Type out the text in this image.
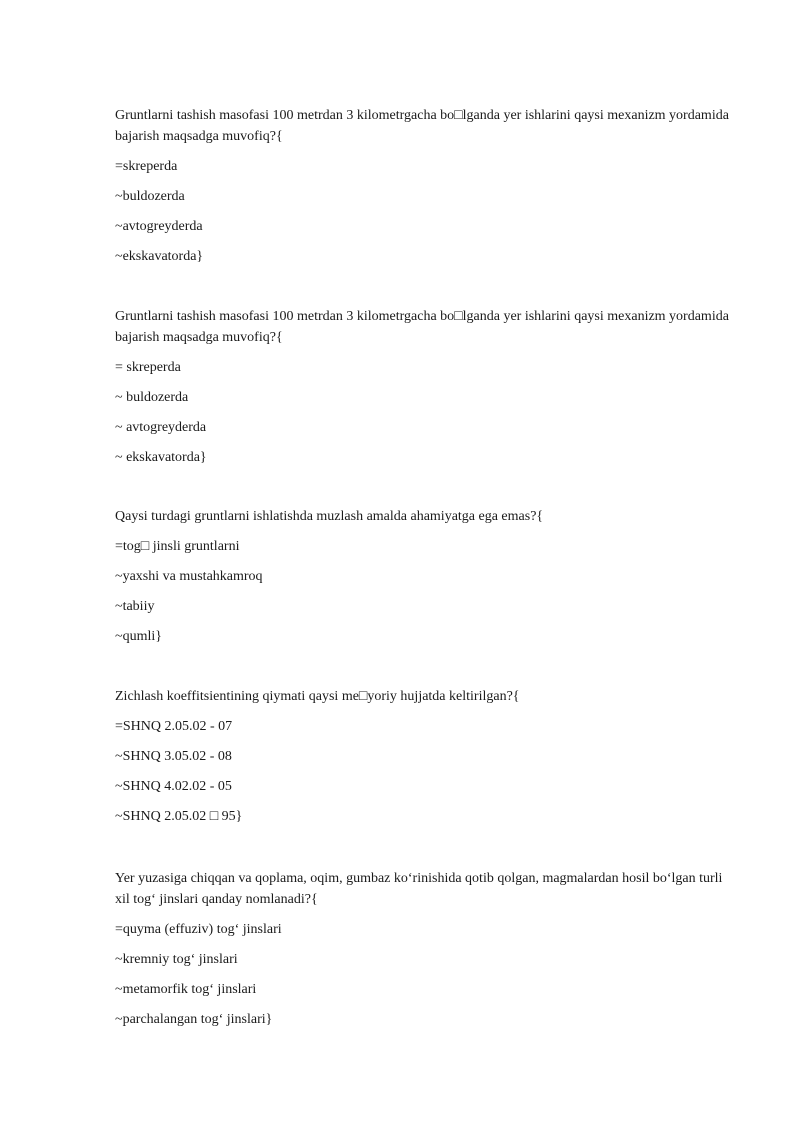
Gruntlarni tashish masofasi 100 metrdan 3 kilometrgacha bo□lganda yer ishlarini qaysi mexanizm yordamida bajarish maqsadga muvofiq?{

=skreperda
~buldozerda
~avtogreyderda
~ekskavatorda}

Gruntlarni tashish masofasi 100 metrdan 3 kilometrgacha bo□lganda yer ishlarini qaysi mexanizm yordamida bajarish maqsadga muvofiq?{

= skreperda
~ buldozerda
~ avtogreyderda
~ ekskavatorda}

Qaysi turdagi gruntlarni ishlatishda muzlash amalda ahamiyatga ega emas?{

=tog□ jinsli gruntlarni
~yaxshi va mustahkamroq
~tabiiy
~qumli}

Zichlash koeffitsientining qiymati qaysi me□yoriy hujjatda keltirilgan?{

=SHNQ 2.05.02 - 07
~SHNQ 3.05.02 - 08
~SHNQ 4.02.02 - 05
~SHNQ 2.05.02 □ 95}

Yer yuzasiga chiqqan va qoplama, oqim, gumbaz ko‘rinishida qotib qolgan, magmalardan hosil bo‘lgan turli xil tog‘ jinslari qanday nomlanadi?{

=quyma (effuziv) tog‘ jinslari
~kremniy tog‘ jinslari
~metamorfik tog‘ jinslari
~parchalangan tog‘ jinslari}
